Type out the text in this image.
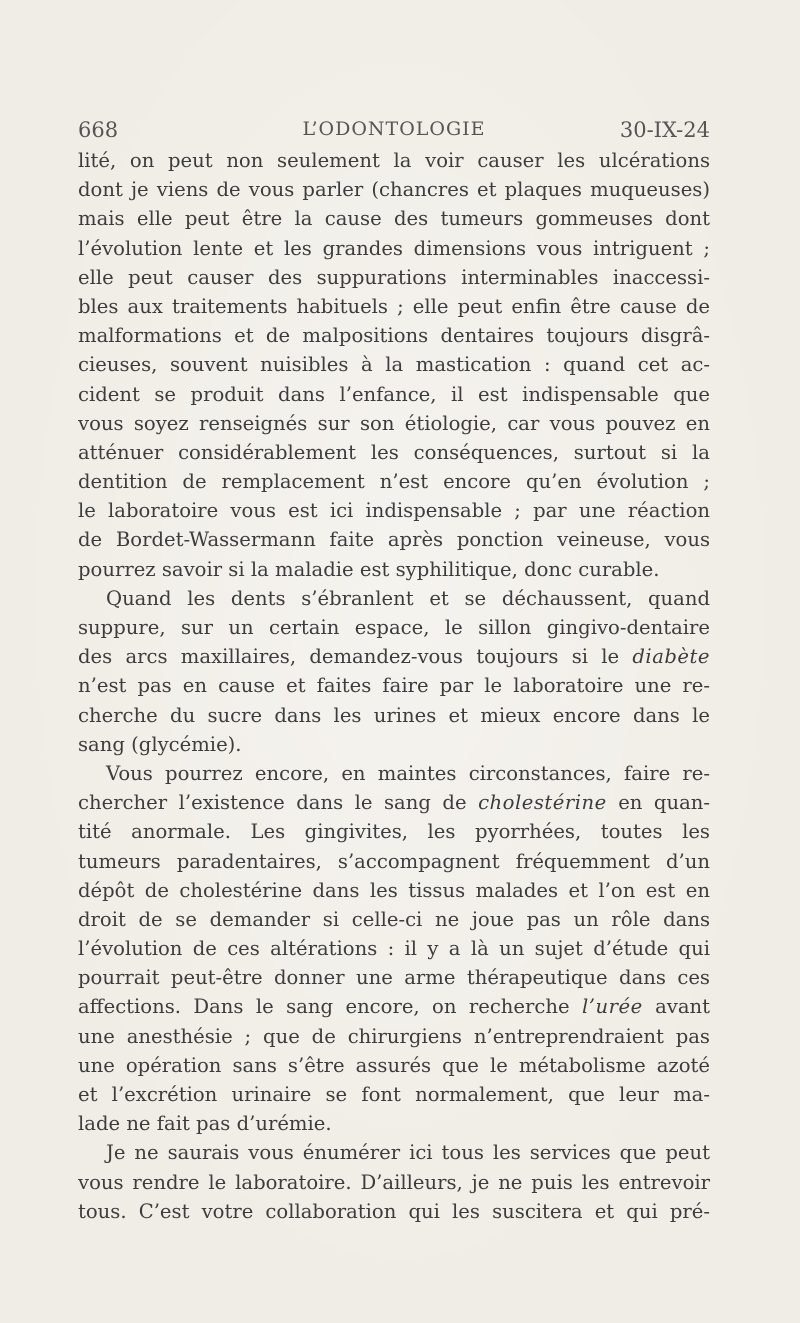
668	L’ODONTOLOGIE	30-IX-24
lité, on peut non seulement la voir causer les ulcérations
dont je viens de vous parler (chancres et plaques muqueuses)
mais elle peut être la cause des tumeurs gommeuses dont
l’évolution lente et les grandes dimensions vous intriguent ;
elle peut causer des suppurations interminables inaccessi-
bles aux traitements habituels ; elle peut enfin être cause de
malformations et de malpositions dentaires toujours disgrâ-
cieuses, souvent nuisibles à la mastication : quand cet ac-
cident se produit dans l’enfance, il est indispensable que
vous soyez renseignés sur son étiologie, car vous pouvez en
atténuer considérablement les conséquences, surtout si la
dentition de remplacement n’est encore qu’en évolution ;
le laboratoire vous est ici indispensable ; par une réaction
de Bordet-Wassermann faite après ponction veineuse, vous
pourrez savoir si la maladie est syphilitique, donc curable.
Quand les dents s’ébranlent et se déchaussent, quand
suppure, sur un certain espace, le sillon gingivo-dentaire
des arcs maxillaires, demandez-vous toujours si le diabète
n’est pas en cause et faites faire par le laboratoire une re-
cherche du sucre dans les urines et mieux encore dans le
sang (glycémie).
Vous pourrez encore, en maintes circonstances, faire re-
chercher l’existence dans le sang de cholestérine en quan-
tité anormale. Les gingivites, les pyorrhées, toutes les
tumeurs paradentaires, s’accompagnent fréquemment d’un
dépôt de cholestérine dans les tissus malades et l’on est en
droit de se demander si celle-ci ne joue pas un rôle dans
l’évolution de ces altérations : il y a là un sujet d’étude qui
pourrait peut-être donner une arme thérapeutique dans ces
affections. Dans le sang encore, on recherche l’urée avant
une anesthésie ; que de chirurgiens n’entreprendraient pas
une opération sans s’être assurés que le métabolisme azoté
et l’excrétion urinaire se font normalement, que leur ma-
lade ne fait pas d’urémie.
Je ne saurais vous énumérer ici tous les services que peut
vous rendre le laboratoire. D’ailleurs, je ne puis les entrevoir
tous. C’est votre collaboration qui les suscitera et qui pré-
